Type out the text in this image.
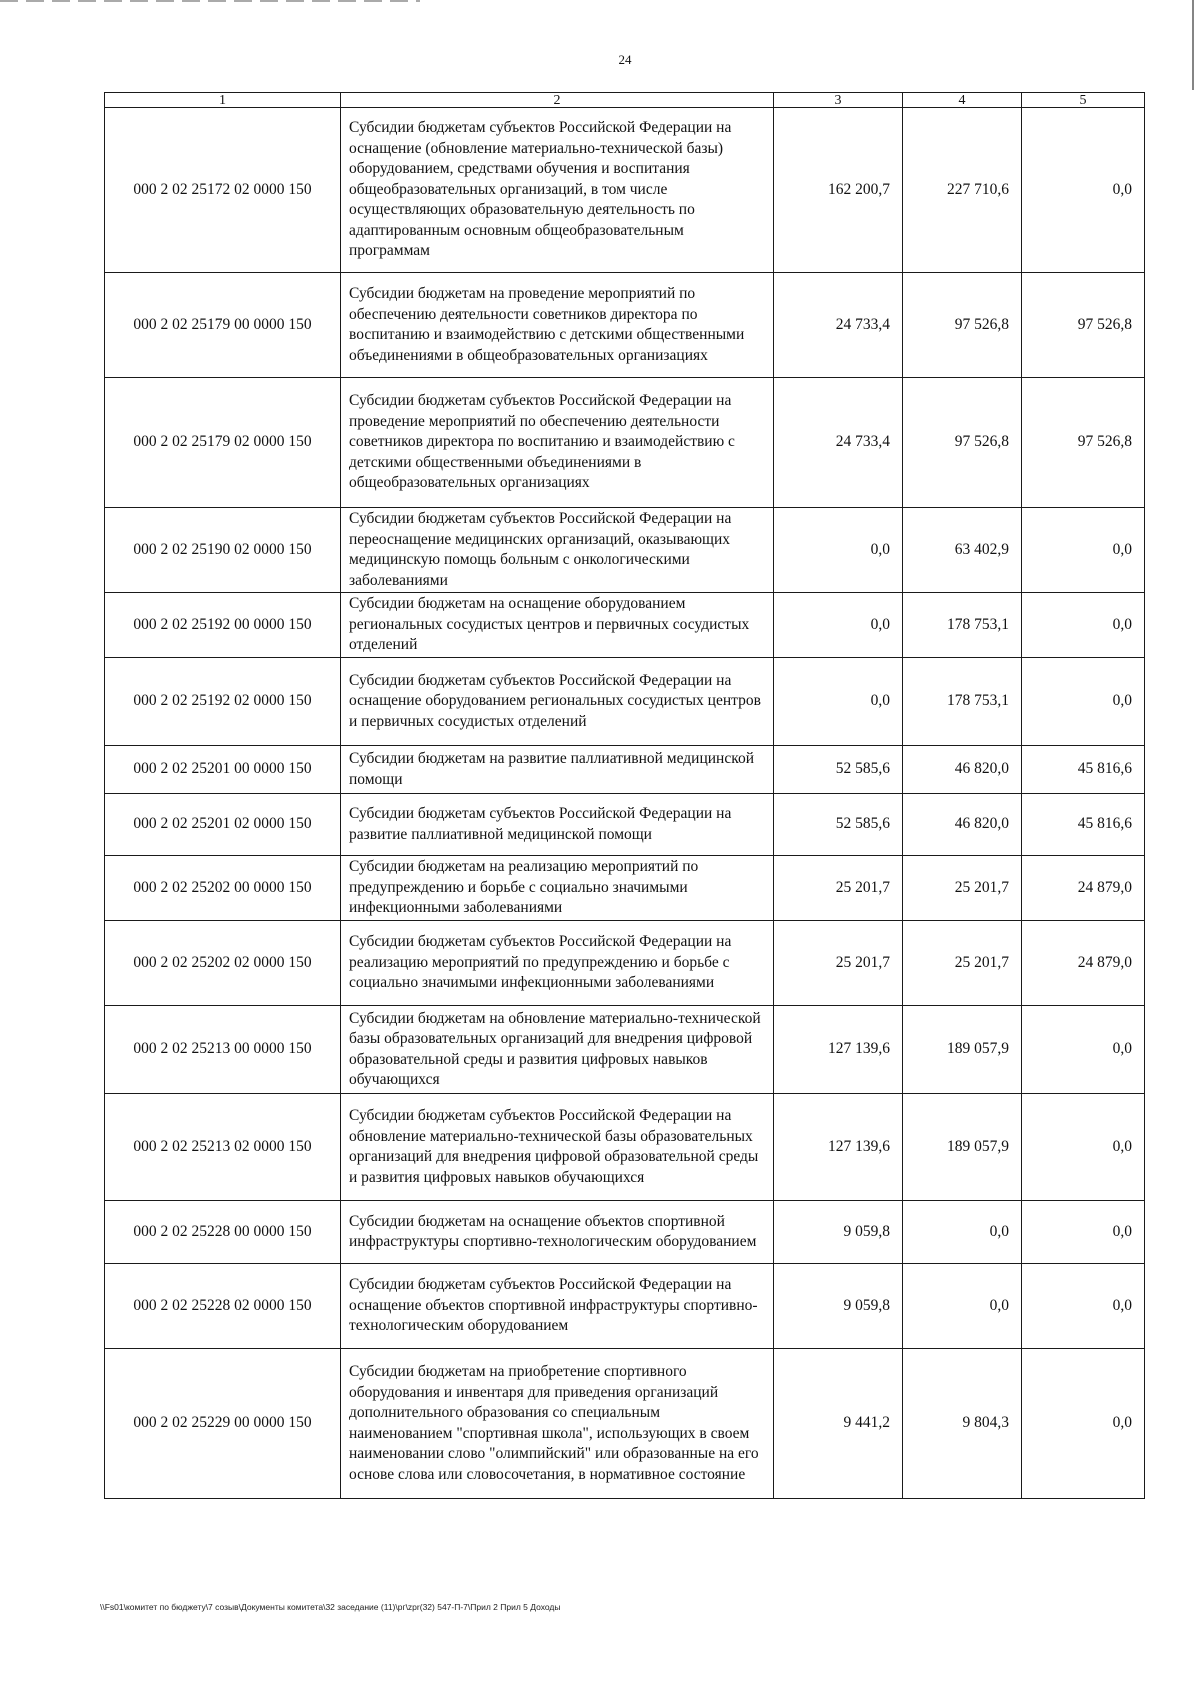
24
1	2	3	4	5
000 2 02 25172 02 0000 150	Субсидии бюджетам субъектов Российской Федерации на оснащение (обновление материально-технической базы) оборудованием, средствами обучения и воспитания общеобразовательных организаций, в том числе осуществляющих образовательную деятельность по адаптированным основным общеобразовательным программам	162 200,7	227 710,6	0,0
000 2 02 25179 00 0000 150	Субсидии бюджетам на проведение мероприятий по обеспечению деятельности советников директора по воспитанию и взаимодействию с детскими общественными объединениями в общеобразовательных организациях	24 733,4	97 526,8	97 526,8
000 2 02 25179 02 0000 150	Субсидии бюджетам субъектов Российской Федерации на проведение мероприятий по обеспечению деятельности советников директора по воспитанию и взаимодействию с детскими общественными объединениями в общеобразовательных организациях	24 733,4	97 526,8	97 526,8
000 2 02 25190 02 0000 150	Субсидии бюджетам субъектов Российской Федерации на переоснащение медицинских организаций, оказывающих медицинскую помощь больным с онкологическими заболеваниями	0,0	63 402,9	0,0
000 2 02 25192 00 0000 150	Субсидии бюджетам на оснащение оборудованием региональных сосудистых центров и первичных сосудистых отделений	0,0	178 753,1	0,0
000 2 02 25192 02 0000 150	Субсидии бюджетам субъектов Российской Федерации на оснащение оборудованием региональных сосудистых центров и первичных сосудистых отделений	0,0	178 753,1	0,0
000 2 02 25201 00 0000 150	Субсидии бюджетам на развитие паллиативной медицинской помощи	52 585,6	46 820,0	45 816,6
000 2 02 25201 02 0000 150	Субсидии бюджетам субъектов Российской Федерации на развитие паллиативной медицинской помощи	52 585,6	46 820,0	45 816,6
000 2 02 25202 00 0000 150	Субсидии бюджетам на реализацию мероприятий по предупреждению и борьбе с социально значимыми инфекционными заболеваниями	25 201,7	25 201,7	24 879,0
000 2 02 25202 02 0000 150	Субсидии бюджетам субъектов Российской Федерации на реализацию мероприятий по предупреждению и борьбе с социально значимыми инфекционными заболеваниями	25 201,7	25 201,7	24 879,0
000 2 02 25213 00 0000 150	Субсидии бюджетам на обновление материально-технической базы образовательных организаций для внедрения цифровой образовательной среды и развития цифровых навыков обучающихся	127 139,6	189 057,9	0,0
000 2 02 25213 02 0000 150	Субсидии бюджетам субъектов Российской Федерации на обновление материально-технической базы образовательных организаций для внедрения цифровой образовательной среды и развития цифровых навыков обучающихся	127 139,6	189 057,9	0,0
000 2 02 25228 00 0000 150	Субсидии бюджетам на оснащение объектов спортивной инфраструктуры спортивно-технологическим оборудованием	9 059,8	0,0	0,0
000 2 02 25228 02 0000 150	Субсидии бюджетам субъектов Российской Федерации на оснащение объектов спортивной инфраструктуры спортивно-технологическим оборудованием	9 059,8	0,0	0,0
000 2 02 25229 00 0000 150	Субсидии бюджетам на приобретение спортивного оборудования и инвентаря для приведения организаций дополнительного образования со специальным наименованием "спортивная школа", использующих в своем наименовании слово "олимпийский" или образованные на его основе слова или словосочетания, в нормативное состояние	9 441,2	9 804,3	0,0
\\Fs01\комитет по бюджету\7 созыв\Документы комитета\32 заседание (11)\рг\zpr(32) 547-П-7\Прил 2 Прил 5 Доходы
